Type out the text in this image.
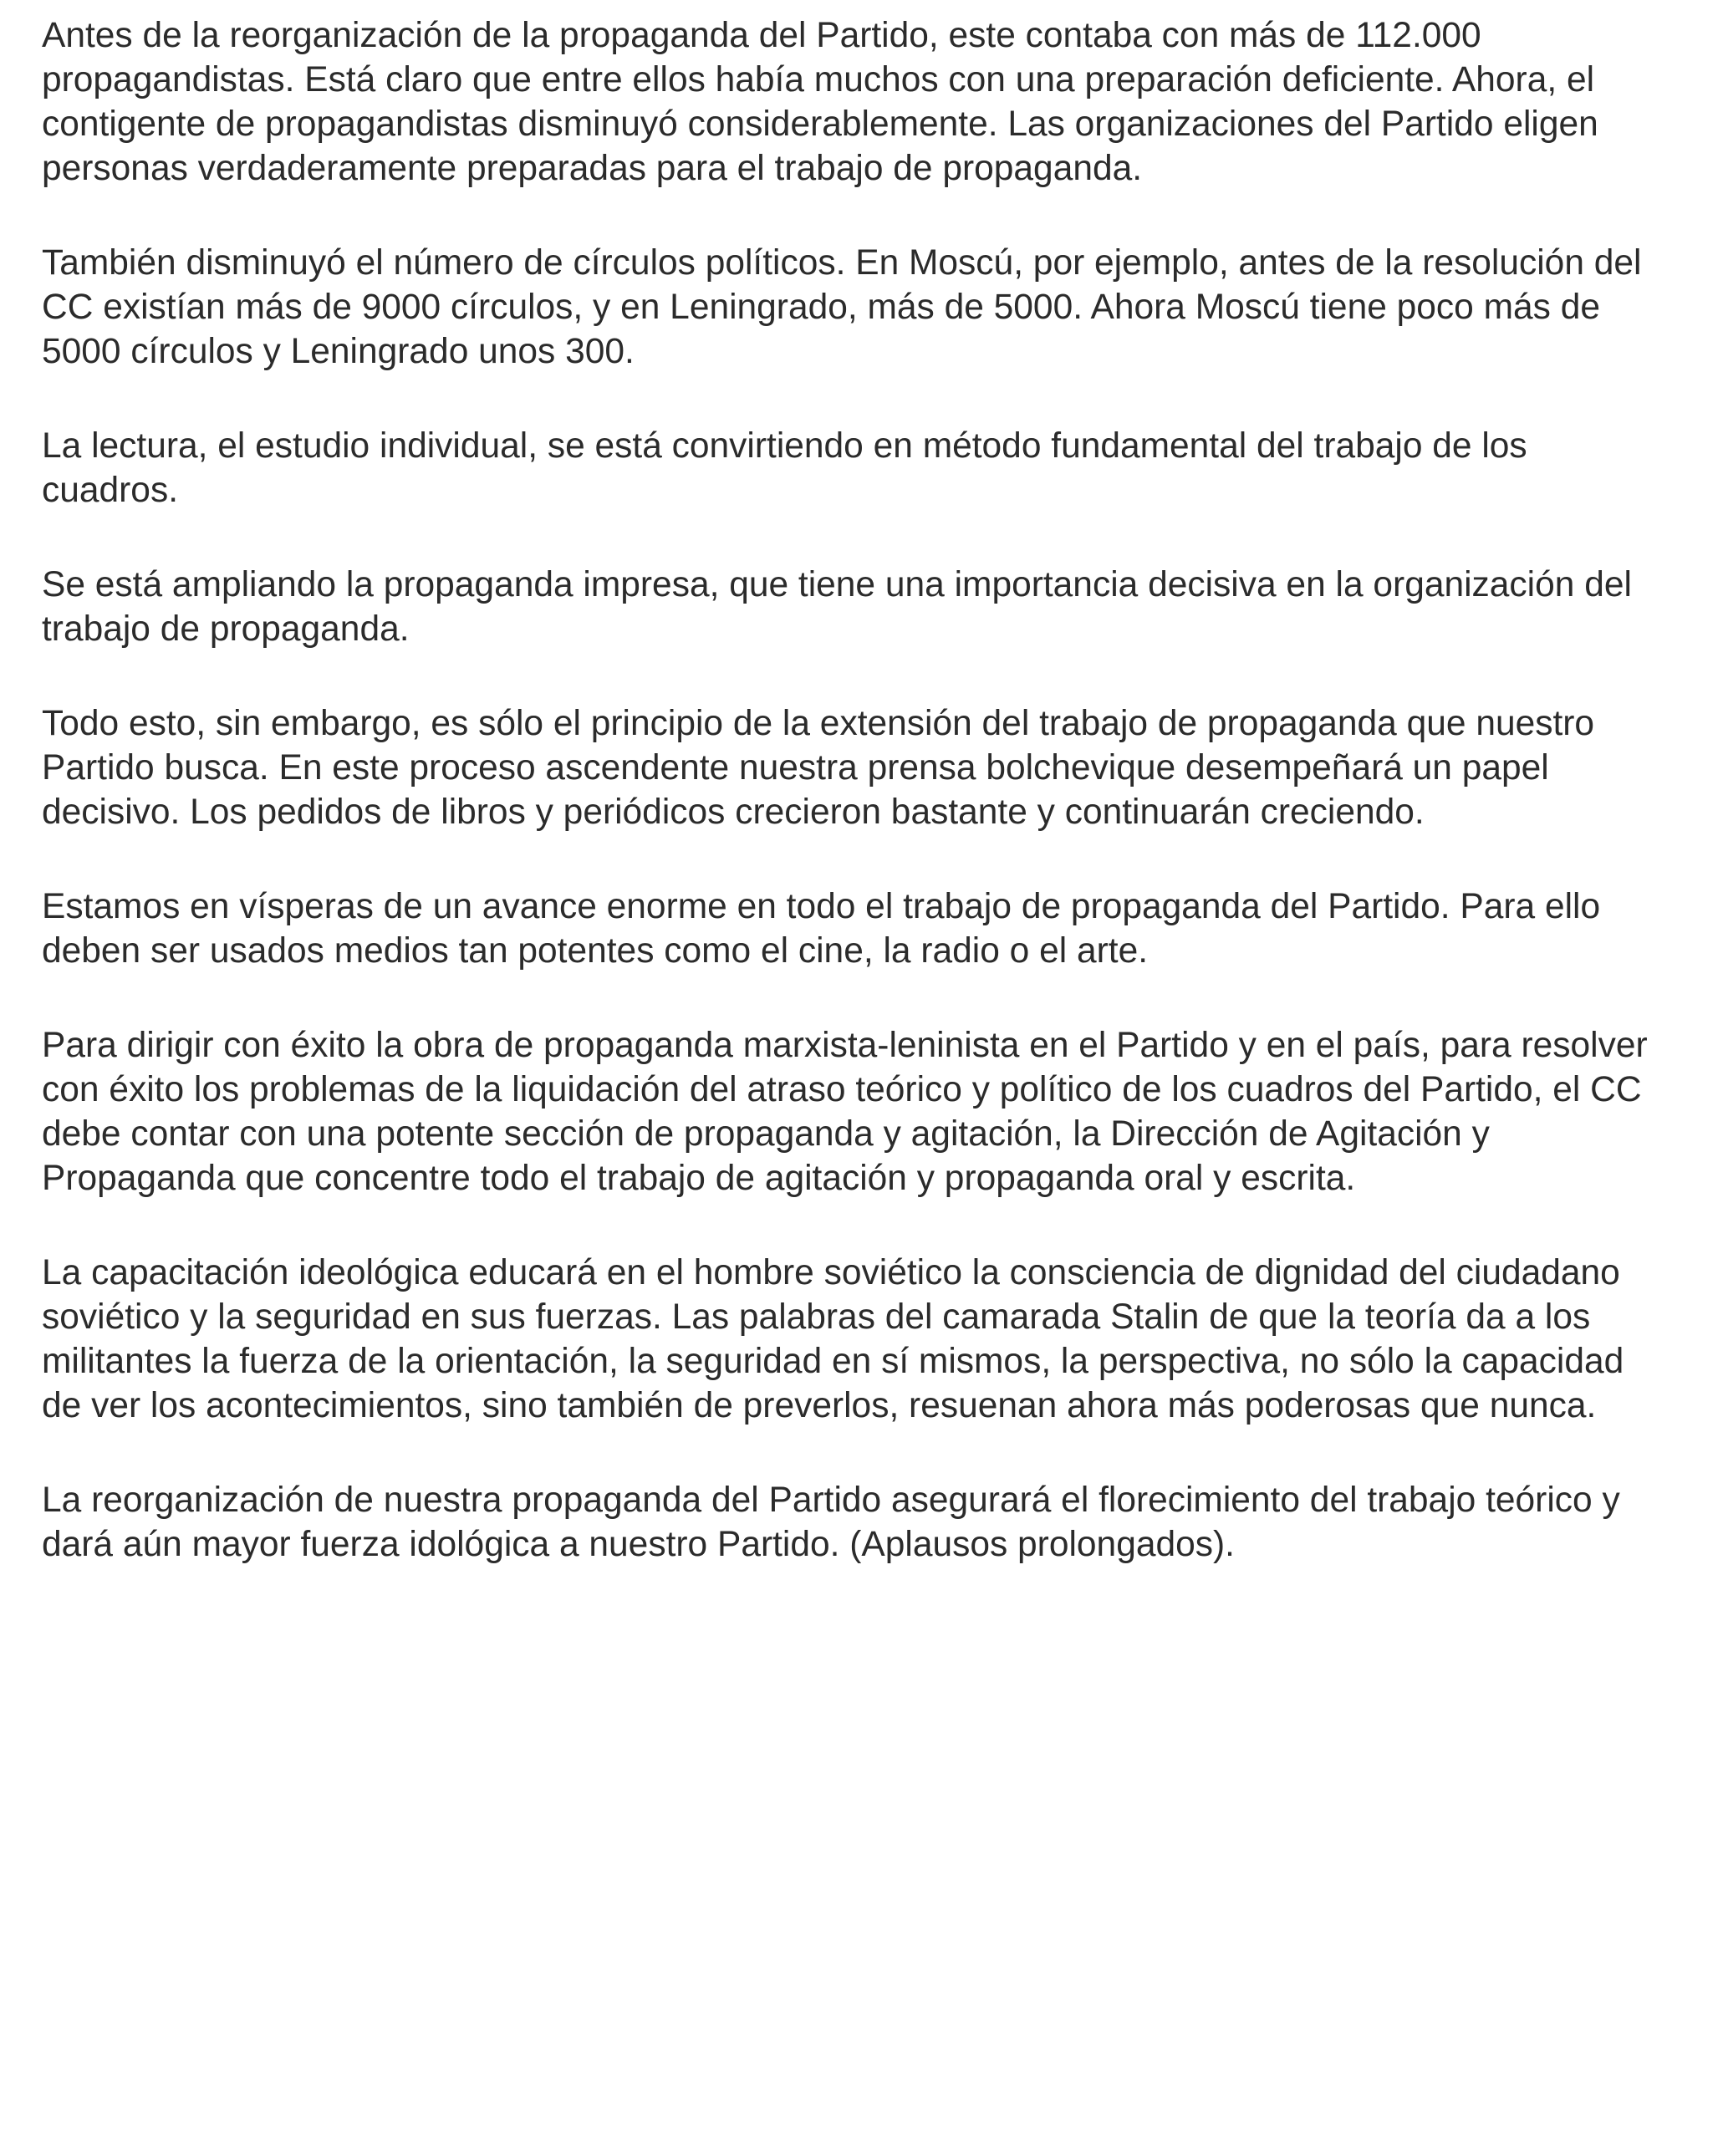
Antes de la reorganización de la propaganda del Partido, este contaba con más de 112.000 propagandistas. Está claro que entre ellos había muchos con una preparación deficiente. Ahora, el contigente de propagandistas disminuyó considerablemente. Las organizaciones del Partido eligen personas verdaderamente preparadas para el trabajo de propaganda.

También disminuyó el número de círculos políticos. En Moscú, por ejemplo, antes de la resolución del CC existían más de 9000 círculos, y en Leningrado, más de 5000. Ahora Moscú tiene poco más de 5000 círculos y Leningrado unos 300.

La lectura, el estudio individual, se está convirtiendo en método fundamental del trabajo de los cuadros.

Se está ampliando la propaganda impresa, que tiene una importancia decisiva en la organización del trabajo de propaganda.

Todo esto, sin embargo, es sólo el principio de la extensión del trabajo de propaganda que nuestro Partido busca. En este proceso ascendente nuestra prensa bolchevique desempeñará un papel decisivo. Los pedidos de libros y periódicos crecieron bastante y continuarán creciendo.

Estamos en vísperas de un avance enorme en todo el trabajo de propaganda del Partido. Para ello deben ser usados medios tan potentes como el cine, la radio o el arte.

Para dirigir con éxito la obra de propaganda marxista-leninista en el Partido y en el país, para resolver con éxito los problemas de la liquidación del atraso teórico y político de los cuadros del Partido, el CC debe contar con una potente sección de propaganda y agitación, la Dirección de Agitación y Propaganda que concentre todo el trabajo de agitación y propaganda oral y escrita.

La capacitación ideológica educará en el hombre soviético la consciencia de dignidad del ciudadano soviético y la seguridad en sus fuerzas. Las palabras del camarada Stalin de que la teoría da a los militantes la fuerza de la orientación, la seguridad en sí mismos, la perspectiva, no sólo la capacidad de ver los acontecimientos, sino también de preverlos, resuenan ahora más poderosas que nunca.

La reorganización de nuestra propaganda del Partido asegurará el florecimiento del trabajo teórico y dará aún mayor fuerza idológica a nuestro Partido. (Aplausos prolongados).
